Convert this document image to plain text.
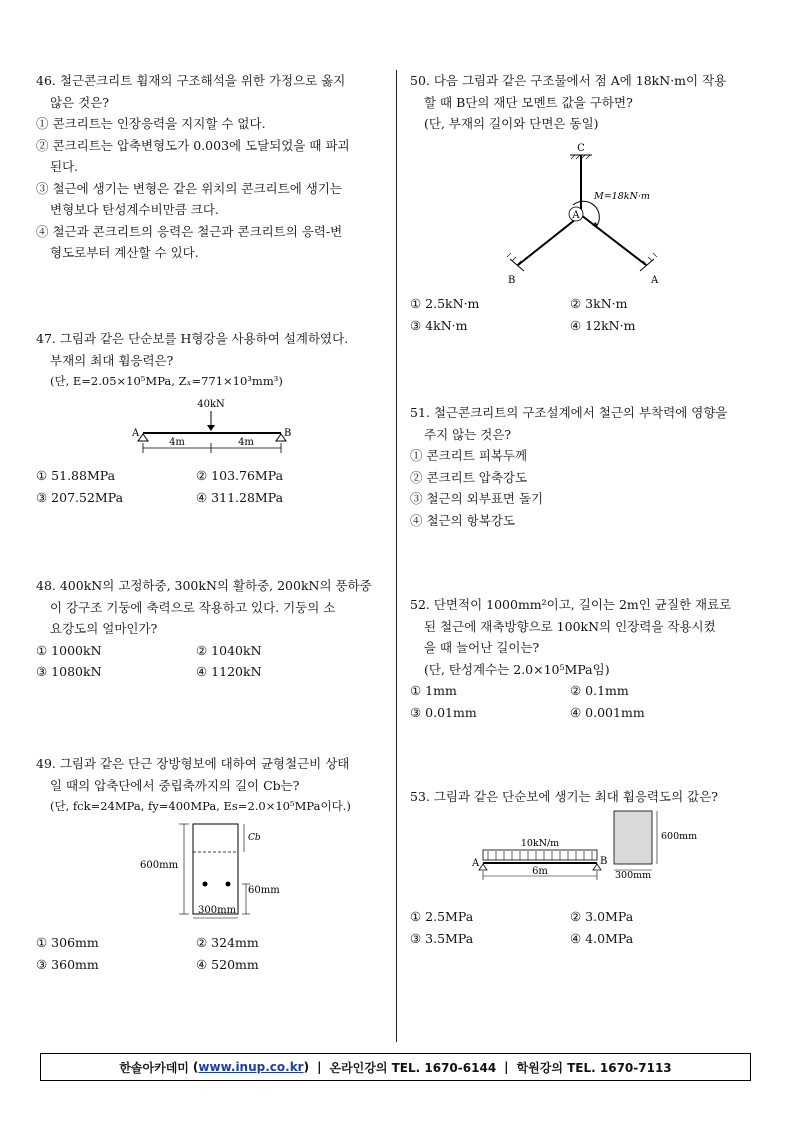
46. 철근콘크리트 휨재의 구조해석을 위한 가정으로 옳지
않은 것은?
① 콘크리트는 인장응력을 지지할 수 없다.
② 콘크리트는 압축변형도가 0.003에 도달되었을 때 파괴
된다.
③ 철근에 생기는 변형은 같은 위치의 콘크리트에 생기는
변형보다 탄성계수비만큼 크다.
④ 철근과 콘크리트의 응력은 철근과 콘크리트의 응력-변
형도로부터 계산할 수 있다.
47. 그림과 같은 단순보를 H형강을 사용하여 설계하였다.
부재의 최대 휨응력은?
(단, E=2.05×10⁵MPa, Zₓ=771×10³mm³)
40kN
A	B
4m	4m
① 51.88MPa	② 103.76MPa
③ 207.52MPa	④ 311.28MPa
48. 400kN의 고정하중, 300kN의 활하중, 200kN의 풍하중
이 강구조 기둥에 축력으로 작용하고 있다. 기둥의 소
요강도의 얼마인가?
① 1000kN	② 1040kN
③ 1080kN	④ 1120kN
49. 그림과 같은 단근 장방형보에 대하여 균형철근비 상태
일 때의 압축단에서 중립축까지의 길이 Cb는?
(단, fck=24MPa, fy=400MPa, Es=2.0×10⁵MPa이다.)
Cb
60mm
600mm
300mm
① 306mm	② 324mm
③ 360mm	④ 520mm
50. 다음 그림과 같은 구조물에서 점 A에 18kN·m이 작용
할 때 B단의 재단 모멘트 값을 구하면?
(단, 부재의 길이와 단면은 동일)
C
A
M=18kN·m
B	A
① 2.5kN·m	② 3kN·m
③ 4kN·m	④ 12kN·m
51. 철근콘크리트의 구조설계에서 철근의 부착력에 영향을
주지 않는 것은?
① 콘크리트 피복두께
② 콘크리트 압축강도
③ 철근의 외부표면 돌기
④ 철근의 항복강도
52. 단면적이 1000mm²이고, 길이는 2m인 균질한 재료로
된 철근에 재축방향으로 100kN의 인장력을 작용시켰
을 때 늘어난 길이는?
(단, 탄성계수는 2.0×10⁵MPa임)
① 1mm	② 0.1mm
③ 0.01mm	④ 0.001mm
53. 그림과 같은 단순보에 생기는 최대 휨응력도의 값은?
10kN/m
A	B
6m
600mm
300mm
① 2.5MPa	② 3.0MPa
③ 3.5MPa	④ 4.0MPa
한솔아카데미 ( www.inup.co.kr ) | 온라인강의 TEL. 1670-6144 | 학원강의 TEL. 1670-7113
